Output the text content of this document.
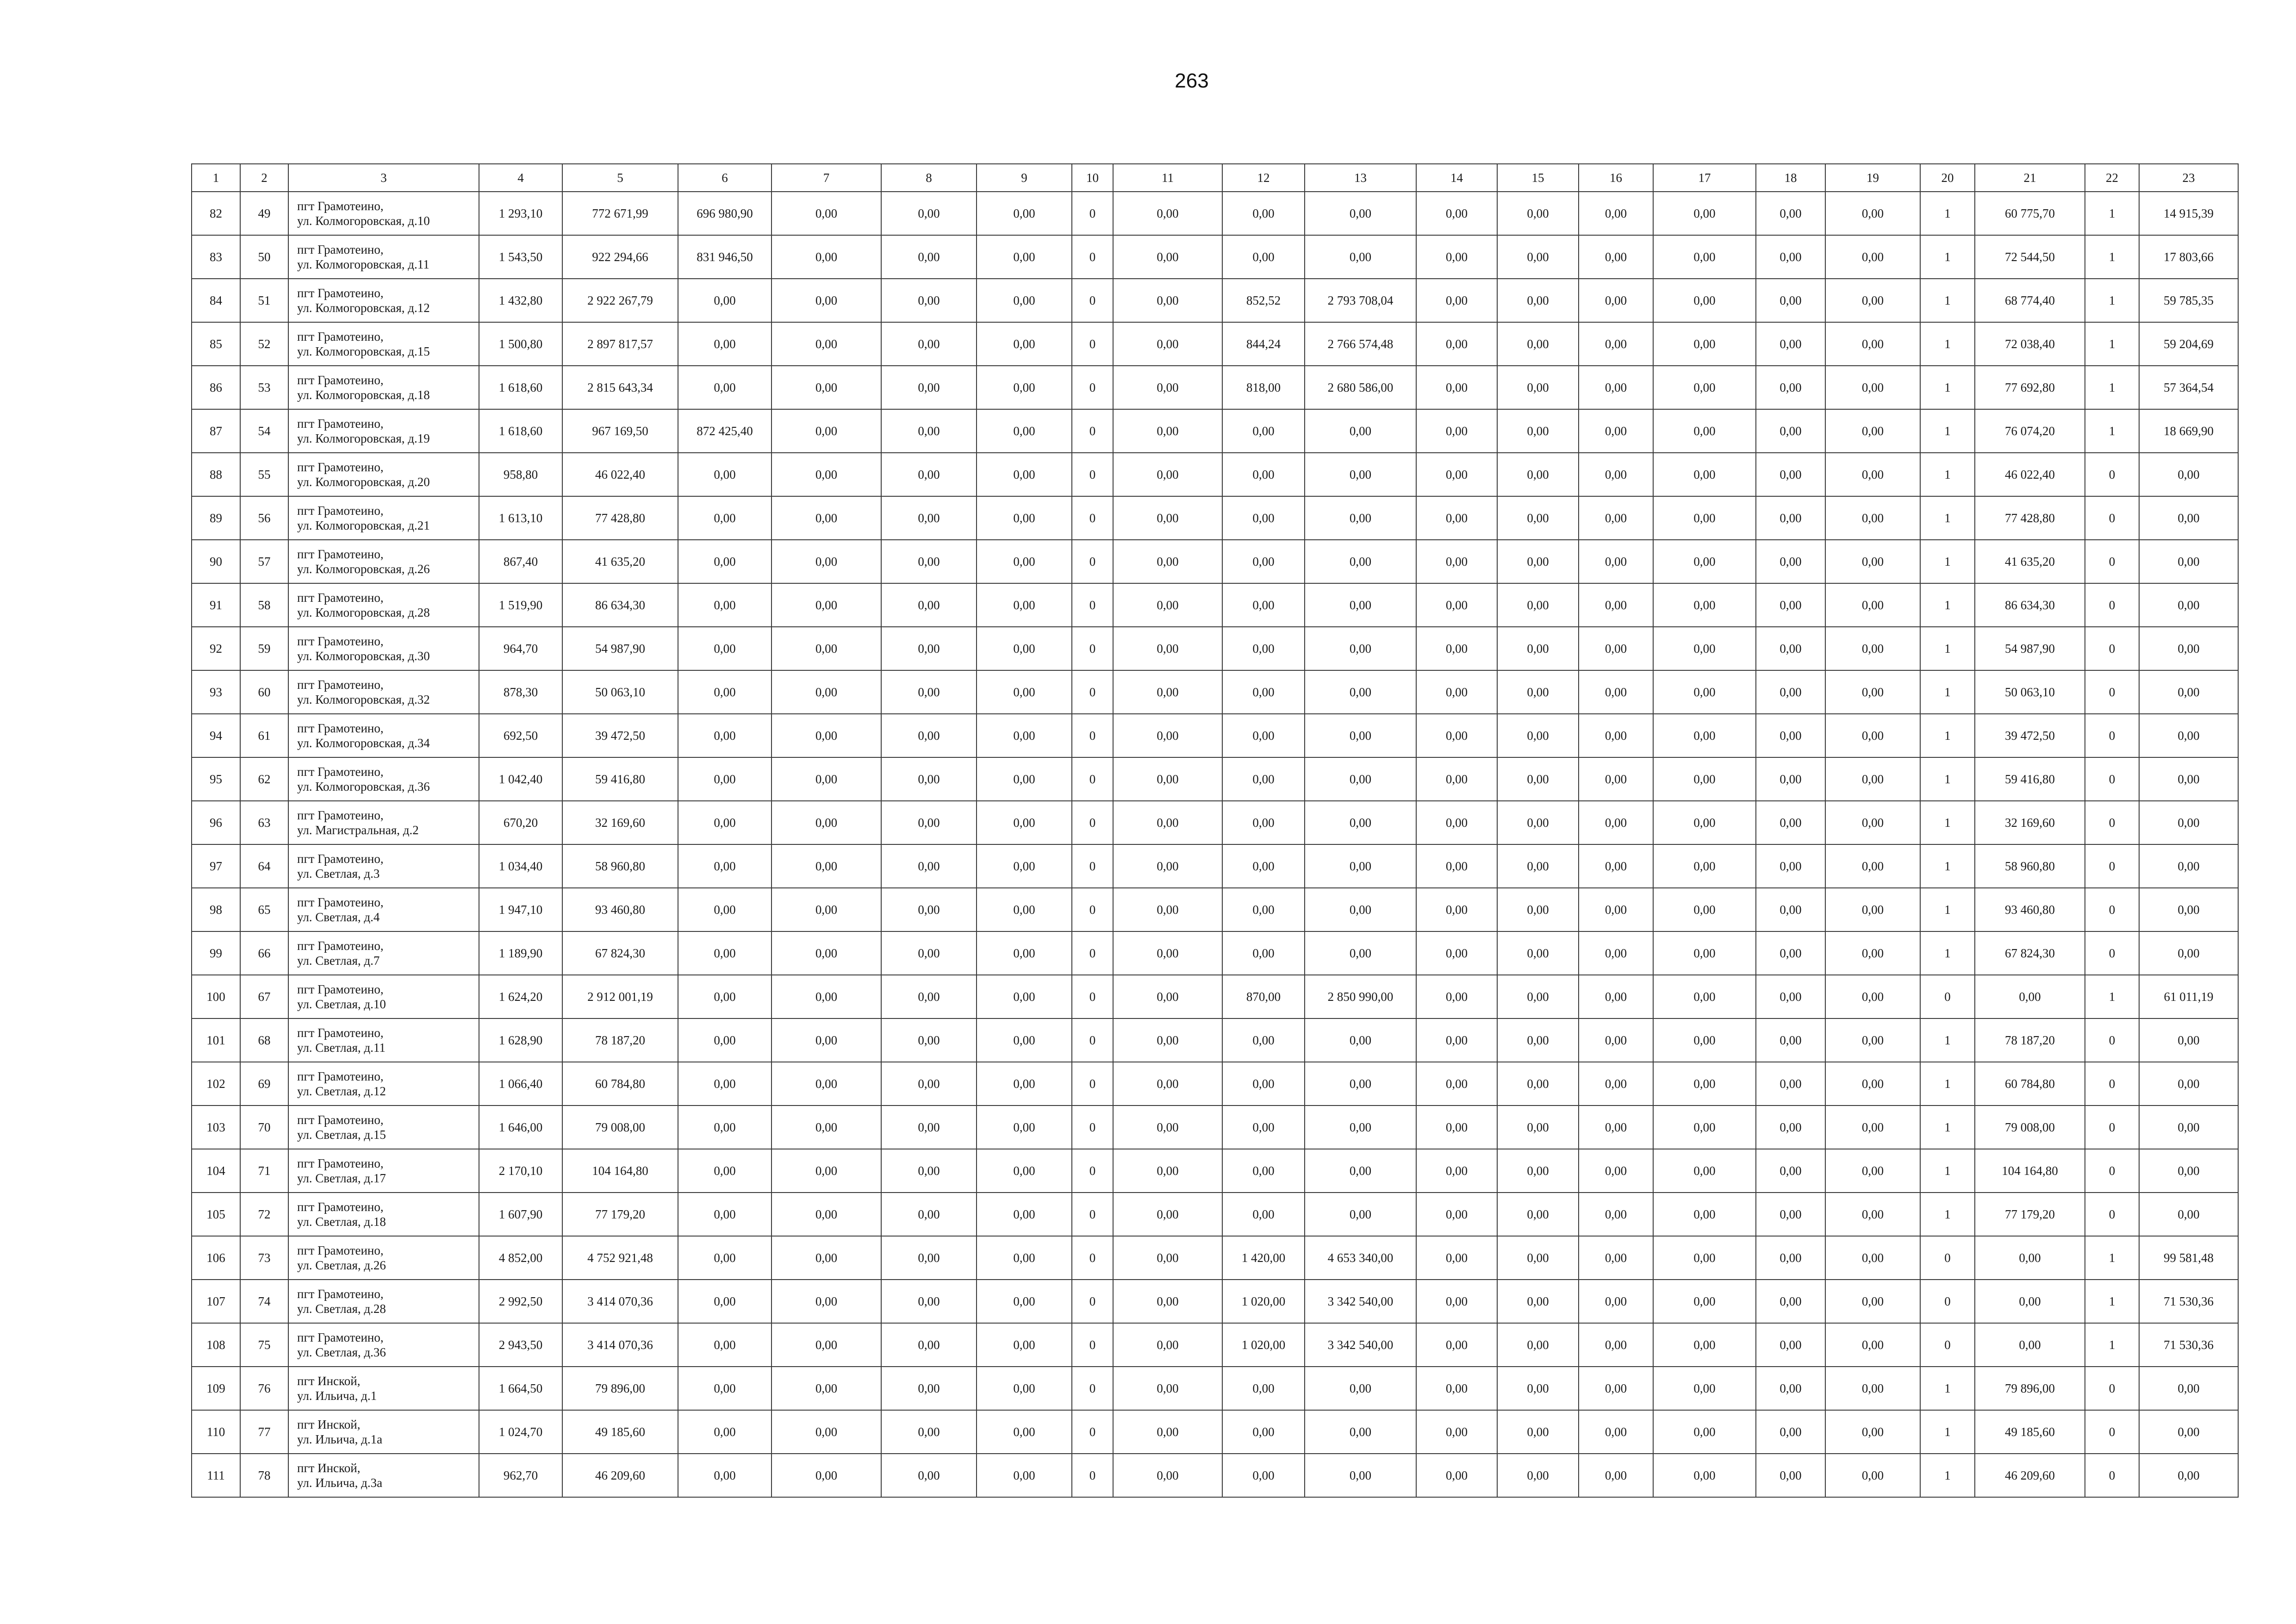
263
1	2	3	4	5	6	7	8	9	10	11	12	13	14	15	16	17	18	19	20	21	22	23
82	49	пгт Грамотеино,
ул. Колмогоровская, д.10	1 293,10	772 671,99	696 980,90	0,00	0,00	0,00	0	0,00	0,00	0,00	0,00	0,00	0,00	0,00	0,00	0,00	1	60 775,70	1	14 915,39
83	50	пгт Грамотеино,
ул. Колмогоровская, д.11	1 543,50	922 294,66	831 946,50	0,00	0,00	0,00	0	0,00	0,00	0,00	0,00	0,00	0,00	0,00	0,00	0,00	1	72 544,50	1	17 803,66
84	51	пгт Грамотеино,
ул. Колмогоровская, д.12	1 432,80	2 922 267,79	0,00	0,00	0,00	0,00	0	0,00	852,52	2 793 708,04	0,00	0,00	0,00	0,00	0,00	0,00	1	68 774,40	1	59 785,35
85	52	пгт Грамотеино,
ул. Колмогоровская, д.15	1 500,80	2 897 817,57	0,00	0,00	0,00	0,00	0	0,00	844,24	2 766 574,48	0,00	0,00	0,00	0,00	0,00	0,00	1	72 038,40	1	59 204,69
86	53	пгт Грамотеино,
ул. Колмогоровская, д.18	1 618,60	2 815 643,34	0,00	0,00	0,00	0,00	0	0,00	818,00	2 680 586,00	0,00	0,00	0,00	0,00	0,00	0,00	1	77 692,80	1	57 364,54
87	54	пгт Грамотеино,
ул. Колмогоровская, д.19	1 618,60	967 169,50	872 425,40	0,00	0,00	0,00	0	0,00	0,00	0,00	0,00	0,00	0,00	0,00	0,00	0,00	1	76 074,20	1	18 669,90
88	55	пгт Грамотеино,
ул. Колмогоровская, д.20	958,80	46 022,40	0,00	0,00	0,00	0,00	0	0,00	0,00	0,00	0,00	0,00	0,00	0,00	0,00	0,00	1	46 022,40	0	0,00
89	56	пгт Грамотеино,
ул. Колмогоровская, д.21	1 613,10	77 428,80	0,00	0,00	0,00	0,00	0	0,00	0,00	0,00	0,00	0,00	0,00	0,00	0,00	0,00	1	77 428,80	0	0,00
90	57	пгт Грамотеино,
ул. Колмогоровская, д.26	867,40	41 635,20	0,00	0,00	0,00	0,00	0	0,00	0,00	0,00	0,00	0,00	0,00	0,00	0,00	0,00	1	41 635,20	0	0,00
91	58	пгт Грамотеино,
ул. Колмогоровская, д.28	1 519,90	86 634,30	0,00	0,00	0,00	0,00	0	0,00	0,00	0,00	0,00	0,00	0,00	0,00	0,00	0,00	1	86 634,30	0	0,00
92	59	пгт Грамотеино,
ул. Колмогоровская, д.30	964,70	54 987,90	0,00	0,00	0,00	0,00	0	0,00	0,00	0,00	0,00	0,00	0,00	0,00	0,00	0,00	1	54 987,90	0	0,00
93	60	пгт Грамотеино,
ул. Колмогоровская, д.32	878,30	50 063,10	0,00	0,00	0,00	0,00	0	0,00	0,00	0,00	0,00	0,00	0,00	0,00	0,00	0,00	1	50 063,10	0	0,00
94	61	пгт Грамотеино,
ул. Колмогоровская, д.34	692,50	39 472,50	0,00	0,00	0,00	0,00	0	0,00	0,00	0,00	0,00	0,00	0,00	0,00	0,00	0,00	1	39 472,50	0	0,00
95	62	пгт Грамотеино,
ул. Колмогоровская, д.36	1 042,40	59 416,80	0,00	0,00	0,00	0,00	0	0,00	0,00	0,00	0,00	0,00	0,00	0,00	0,00	0,00	1	59 416,80	0	0,00
96	63	пгт Грамотеино,
ул. Магистральная, д.2	670,20	32 169,60	0,00	0,00	0,00	0,00	0	0,00	0,00	0,00	0,00	0,00	0,00	0,00	0,00	0,00	1	32 169,60	0	0,00
97	64	пгт Грамотеино,
ул. Светлая, д.3	1 034,40	58 960,80	0,00	0,00	0,00	0,00	0	0,00	0,00	0,00	0,00	0,00	0,00	0,00	0,00	0,00	1	58 960,80	0	0,00
98	65	пгт Грамотеино,
ул. Светлая, д.4	1 947,10	93 460,80	0,00	0,00	0,00	0,00	0	0,00	0,00	0,00	0,00	0,00	0,00	0,00	0,00	0,00	1	93 460,80	0	0,00
99	66	пгт Грамотеино,
ул. Светлая, д.7	1 189,90	67 824,30	0,00	0,00	0,00	0,00	0	0,00	0,00	0,00	0,00	0,00	0,00	0,00	0,00	0,00	1	67 824,30	0	0,00
100	67	пгт Грамотеино,
ул. Светлая, д.10	1 624,20	2 912 001,19	0,00	0,00	0,00	0,00	0	0,00	870,00	2 850 990,00	0,00	0,00	0,00	0,00	0,00	0,00	0	0,00	1	61 011,19
101	68	пгт Грамотеино,
ул. Светлая, д.11	1 628,90	78 187,20	0,00	0,00	0,00	0,00	0	0,00	0,00	0,00	0,00	0,00	0,00	0,00	0,00	0,00	1	78 187,20	0	0,00
102	69	пгт Грамотеино,
ул. Светлая, д.12	1 066,40	60 784,80	0,00	0,00	0,00	0,00	0	0,00	0,00	0,00	0,00	0,00	0,00	0,00	0,00	0,00	1	60 784,80	0	0,00
103	70	пгт Грамотеино,
ул. Светлая, д.15	1 646,00	79 008,00	0,00	0,00	0,00	0,00	0	0,00	0,00	0,00	0,00	0,00	0,00	0,00	0,00	0,00	1	79 008,00	0	0,00
104	71	пгт Грамотеино,
ул. Светлая, д.17	2 170,10	104 164,80	0,00	0,00	0,00	0,00	0	0,00	0,00	0,00	0,00	0,00	0,00	0,00	0,00	0,00	1	104 164,80	0	0,00
105	72	пгт Грамотеино,
ул. Светлая, д.18	1 607,90	77 179,20	0,00	0,00	0,00	0,00	0	0,00	0,00	0,00	0,00	0,00	0,00	0,00	0,00	0,00	1	77 179,20	0	0,00
106	73	пгт Грамотеино,
ул. Светлая, д.26	4 852,00	4 752 921,48	0,00	0,00	0,00	0,00	0	0,00	1 420,00	4 653 340,00	0,00	0,00	0,00	0,00	0,00	0,00	0	0,00	1	99 581,48
107	74	пгт Грамотеино,
ул. Светлая, д.28	2 992,50	3 414 070,36	0,00	0,00	0,00	0,00	0	0,00	1 020,00	3 342 540,00	0,00	0,00	0,00	0,00	0,00	0,00	0	0,00	1	71 530,36
108	75	пгт Грамотеино,
ул. Светлая, д.36	2 943,50	3 414 070,36	0,00	0,00	0,00	0,00	0	0,00	1 020,00	3 342 540,00	0,00	0,00	0,00	0,00	0,00	0,00	0	0,00	1	71 530,36
109	76	пгт Инской,
ул. Ильича, д.1	1 664,50	79 896,00	0,00	0,00	0,00	0,00	0	0,00	0,00	0,00	0,00	0,00	0,00	0,00	0,00	0,00	1	79 896,00	0	0,00
110	77	пгт Инской,
ул. Ильича, д.1а	1 024,70	49 185,60	0,00	0,00	0,00	0,00	0	0,00	0,00	0,00	0,00	0,00	0,00	0,00	0,00	0,00	1	49 185,60	0	0,00
111	78	пгт Инской,
ул. Ильича, д.3а	962,70	46 209,60	0,00	0,00	0,00	0,00	0	0,00	0,00	0,00	0,00	0,00	0,00	0,00	0,00	0,00	1	46 209,60	0	0,00
